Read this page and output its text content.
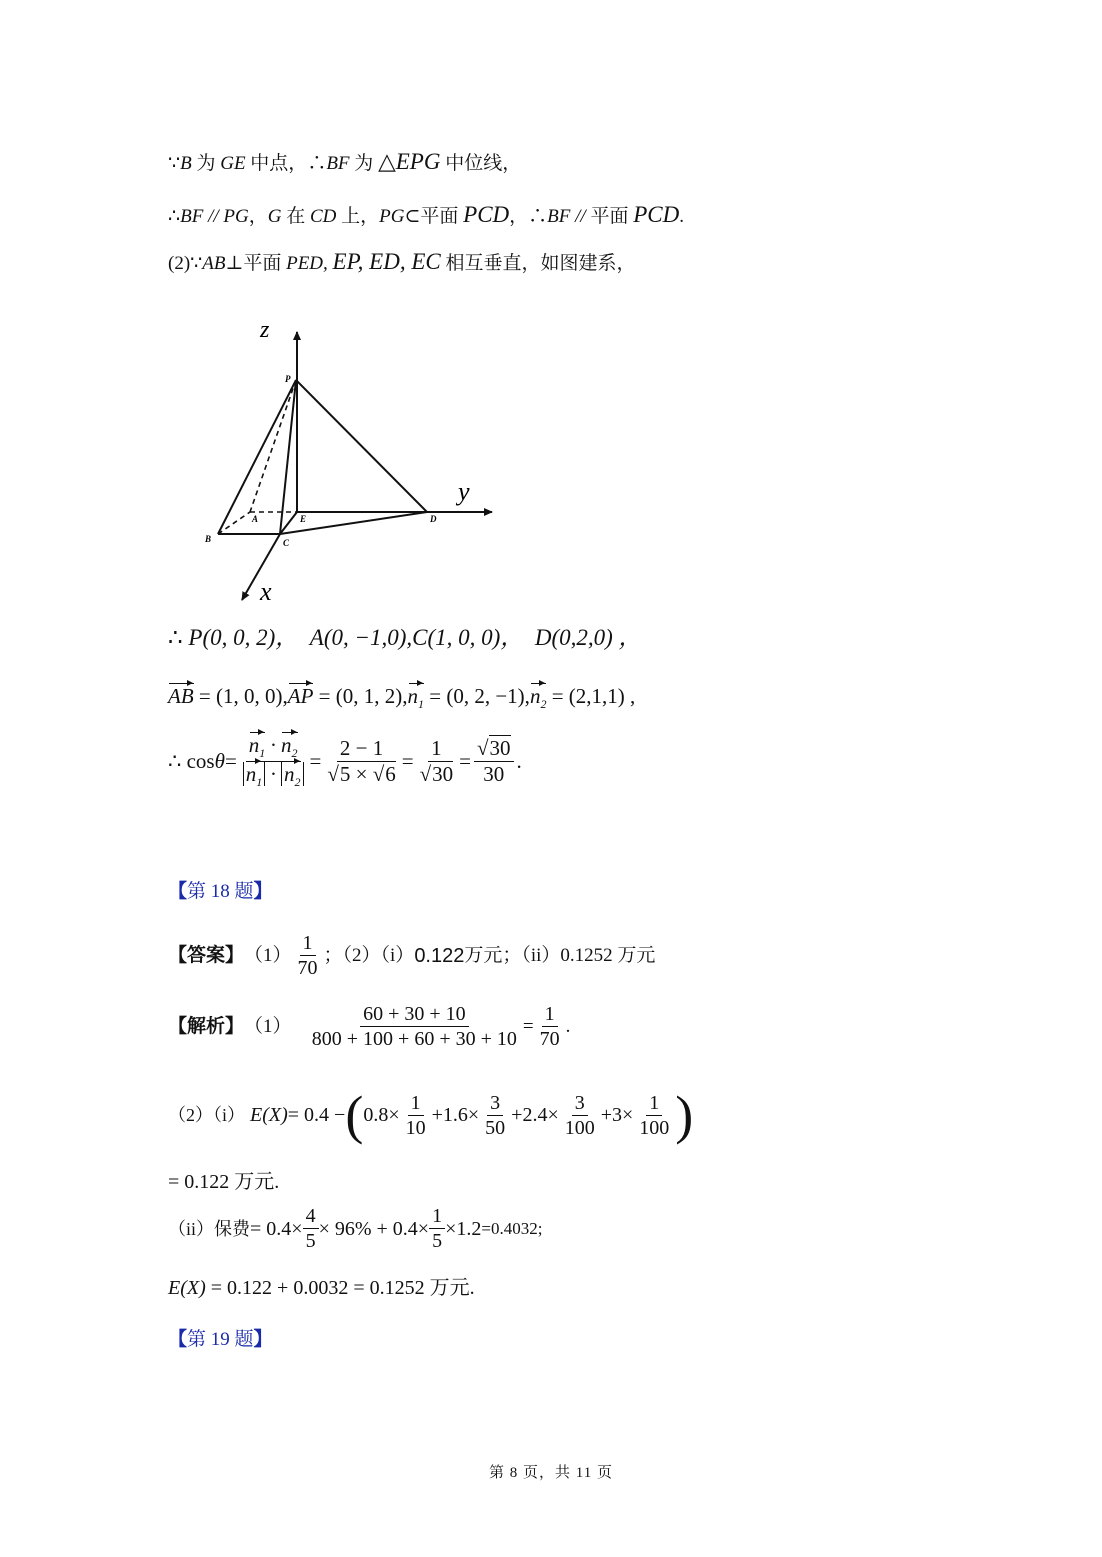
∵B 为 GE 中点，∴BF 为 △EPG 中位线，
∴BF // PG，G 在 CD 上，PG⊂平面 PCD，∴BF // 平面 PCD.
(2)∵AB⊥平面 PED, EP, ED, EC 相互垂直，如图建系，
z
y
x
P
A	E	D
B	C
∴ P(0, 0, 2)， A(0, −1,0),C(1, 0, 0)， D(0,2,0) ，
AB = (1, 0, 0),AP = (0, 1, $2),n_1 = (0$, 2, $-1),n_2 = (2,1,1)$ ,
∴ $\cos \theta = \frac{n_1 \cdot n_2}{n_1 \cdot n_2} = \frac{2 - 1}{√5 \times √6} = \frac{1}{√30} = \frac{√30}{30}$ .
【第 18 题】
【答案】 $(1) \frac{1}{70}$ ；（2）（i） 0.122 万元；（ii）0.1252 万元
【解析】 （1）
$\frac{60 + 30 + 10}{800 + 100 + 60 + 30 + 10} = \frac{1}{70}$ .
（2）（i）
E(X) = 0.4 − ( $0.8\times \frac{1}{10} +1.6\times \frac{3}{50} +2.4\times \frac{3}{100} +3\times \frac{1}{100}$ )
= 0.122 万元.
（ii）保费 = $0.4\times \frac{4}{5} \times 96\% + 0.4\times \frac{1}{5} \times 1.2 =0.4032$;
E(X) = 0.122 + 0.0032 = 0.1252 万元.
【第 19 题】
第 8 页，共 11 页
